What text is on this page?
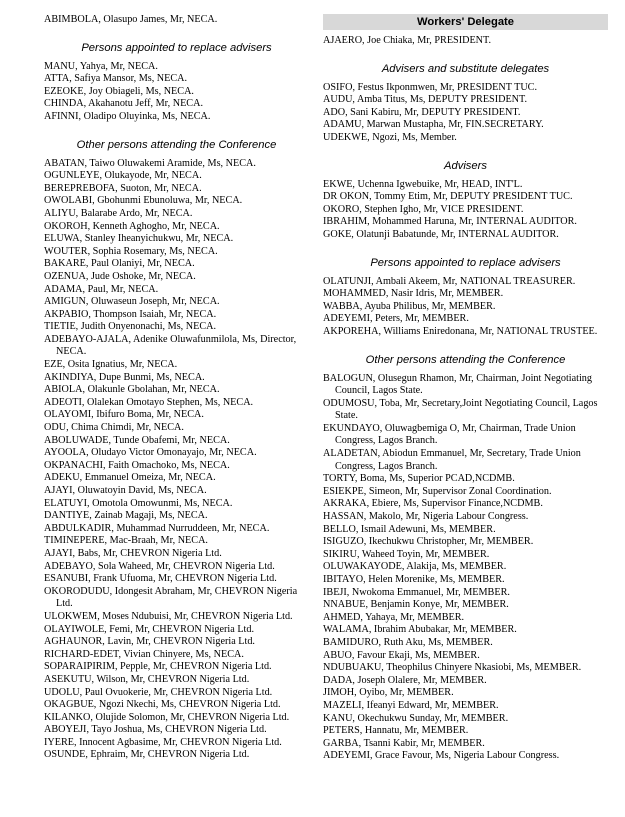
ABIMBOLA, Olasupo James, Mr, NECA.
Persons appointed to replace advisers
MANU, Yahya, Mr, NECA.
ATTA, Safiya Mansor, Ms, NECA.
EZEOKE, Joy Obiageli, Ms, NECA.
CHINDA, Akahanotu Jeff, Mr, NECA.
AFINNI, Oladipo Oluyinka, Ms, NECA.
Other persons attending the Conference
ABATAN, Taiwo Oluwakemi Aramide, Ms, NECA.
OGUNLEYE, Olukayode, Mr, NECA.
BEREPREBOFA, Suoton, Mr, NECA.
OWOLABI, Gbohunmi Ebunoluwa, Mr, NECA.
ALIYU, Balarabe Ardo, Mr, NECA.
OKOROH, Kenneth Aghogho, Mr, NECA.
ELUWA, Stanley Iheanyichukwu, Mr, NECA.
WOUTER, Sophia Rosemary, Ms, NECA.
BAKARE, Paul Olaniyi, Mr, NECA.
OZENUA, Jude Oshoke, Mr, NECA.
ADAMA, Paul, Mr, NECA.
AMIGUN, Oluwaseun Joseph, Mr, NECA.
AKPABIO, Thompson Isaiah, Mr, NECA.
TIETIE, Judith Onyenonachi, Ms, NECA.
ADEBAYO-AJALA, Adenike Oluwafunmilola, Ms, Director, NECA.
EZE, Osita Ignatius, Mr, NECA.
AKINDIYA, Dupe Bunmi, Ms, NECA.
ABIOLA, Olakunle Gbolahan, Mr, NECA.
ADEOTI, Olalekan Omotayo Stephen, Ms, NECA.
OLAYOMI, Ibifuro Boma, Mr, NECA.
ODU, Chima Chimdi, Mr, NECA.
ABOLUWADE, Tunde Obafemi, Mr, NECA.
AYOOLA, Oludayo Victor Omonayajo, Mr, NECA.
OKPANACHI, Faith Omachoko, Ms, NECA.
ADEKU, Emmanuel Omeiza, Mr, NECA.
AJAYI, Oluwatoyin David, Ms, NECA.
ELATUYI, Omotola Omowunmi, Ms, NECA.
DANTIYE, Zainab Magaji, Ms, NECA.
ABDULKADIR, Muhammad Nurruddeen, Mr, NECA.
TIMINEPERE, Mac-Braah, Mr, NECA.
AJAYI, Babs, Mr, CHEVRON Nigeria Ltd.
ADEBAYO, Sola Waheed, Mr, CHEVRON Nigeria Ltd.
ESANUBI, Frank Ufuoma, Mr, CHEVRON Nigeria Ltd.
OKORODUDU, Idongesit Abraham, Mr, CHEVRON Nigeria Ltd.
ULOKWEM, Moses Ndubuisi, Mr, CHEVRON Nigeria Ltd.
OLAYIWOLE, Femi, Mr, CHEVRON Nigeria Ltd.
AGHAUNOR, Lavin, Mr, CHEVRON Nigeria Ltd.
RICHARD-EDET, Vivian Chinyere, Ms, NECA.
SOPARAIPIRIM, Pepple, Mr, CHEVRON Nigeria Ltd.
ASEKUTU, Wilson, Mr, CHEVRON Nigeria Ltd.
UDOLU, Paul Ovuokerie, Mr, CHEVRON Nigeria Ltd.
OKAGBUE, Ngozi Nkechi, Ms, CHEVRON Nigeria Ltd.
KILANKO, Olujide Solomon, Mr, CHEVRON Nigeria Ltd.
ABOYEJI, Tayo Joshua, Ms, CHEVRON Nigeria Ltd.
IYERE, Innocent Agbasime, Mr, CHEVRON Nigeria Ltd.
OSUNDE, Ephraim, Mr, CHEVRON Nigeria Ltd.
Workers' Delegate
AJAERO, Joe Chiaka, Mr, PRESIDENT.
Advisers and substitute delegates
OSIFO, Festus Ikponmwen, Mr, PRESIDENT TUC.
AUDU, Amba Titus, Ms, DEPUTY PRESIDENT.
ADO, Sani Kabiru, Mr, DEPUTY PRESIDENT.
ADAMU, Marwan Mustapha, Mr, FIN.SECRETARY.
UDEKWE, Ngozi, Ms, Member.
Advisers
EKWE, Uchenna Igwebuike, Mr, HEAD, INT'L.
DR OKON, Tommy Etim, Mr, DEPUTY PRESIDENT TUC.
OKORO, Stephen Igho, Mr, VICE PRESIDENT.
IBRAHIM, Mohammed Haruna, Mr, INTERNAL AUDITOR.
GOKE, Olatunji Babatunde, Mr, INTERNAL AUDITOR.
Persons appointed to replace advisers
OLATUNJI, Ambali Akeem, Mr, NATIONAL TREASURER.
MOHAMMED, Nasir Idris, Mr, MEMBER.
WABBA, Ayuba Philibus, Mr, MEMBER.
ADEYEMI, Peters, Mr, MEMBER.
AKPOREHA, Williams Eniredonana, Mr, NATIONAL TRUSTEE.
Other persons attending the Conference
BALOGUN, Olusegun Rhamon, Mr, Chairman, Joint Negotiating Council, Lagos State.
ODUMOSU, Toba, Mr, Secretary,Joint Negotiating Council, Lagos State.
EKUNDAYO, Oluwagbemiga O, Mr, Chairman, Trade Union Congress, Lagos Branch.
ALADETAN, Abiodun Emmanuel, Mr, Secretary, Trade Union Congress, Lagos Branch.
TORTY, Boma, Ms, Superior PCAD,NCDMB.
ESIEKPE, Simeon, Mr, Supervisor Zonal Coordination.
AKRAKA, Ebiere, Ms, Supervisor Finance,NCDMB.
HASSAN, Makolo, Mr, Nigeria Labour Congress.
BELLO, Ismail Adewuni, Ms, MEMBER.
ISIGUZO, Ikechukwu Christopher, Mr, MEMBER.
SIKIRU, Waheed Toyin, Mr, MEMBER.
OLUWAKAYODE, Alakija, Ms, MEMBER.
IBITAYO, Helen Morenike, Ms, MEMBER.
IBEJI, Nwokoma Emmanuel, Mr, MEMBER.
NNABUE, Benjamin Konye, Mr, MEMBER.
AHMED, Yahaya, Mr, MEMBER.
WALAMA, Ibrahim Abubakar, Mr, MEMBER.
BAMIDURO, Ruth Aku, Ms, MEMBER.
ABUO, Favour Ekaji, Ms, MEMBER.
NDUBUAKU, Theophilus Chinyere Nkasiobi, Ms, MEMBER.
DADA, Joseph Olalere, Mr, MEMBER.
JIMOH, Oyibo, Mr, MEMBER.
MAZELI, Ifeanyi Edward, Mr, MEMBER.
KANU, Okechukwu Sunday, Mr, MEMBER.
PETERS, Hannatu, Mr, MEMBER.
GARBA, Tsanni Kabir, Mr, MEMBER.
ADEYEMI, Grace Favour, Ms, Nigeria Labour Congress.
